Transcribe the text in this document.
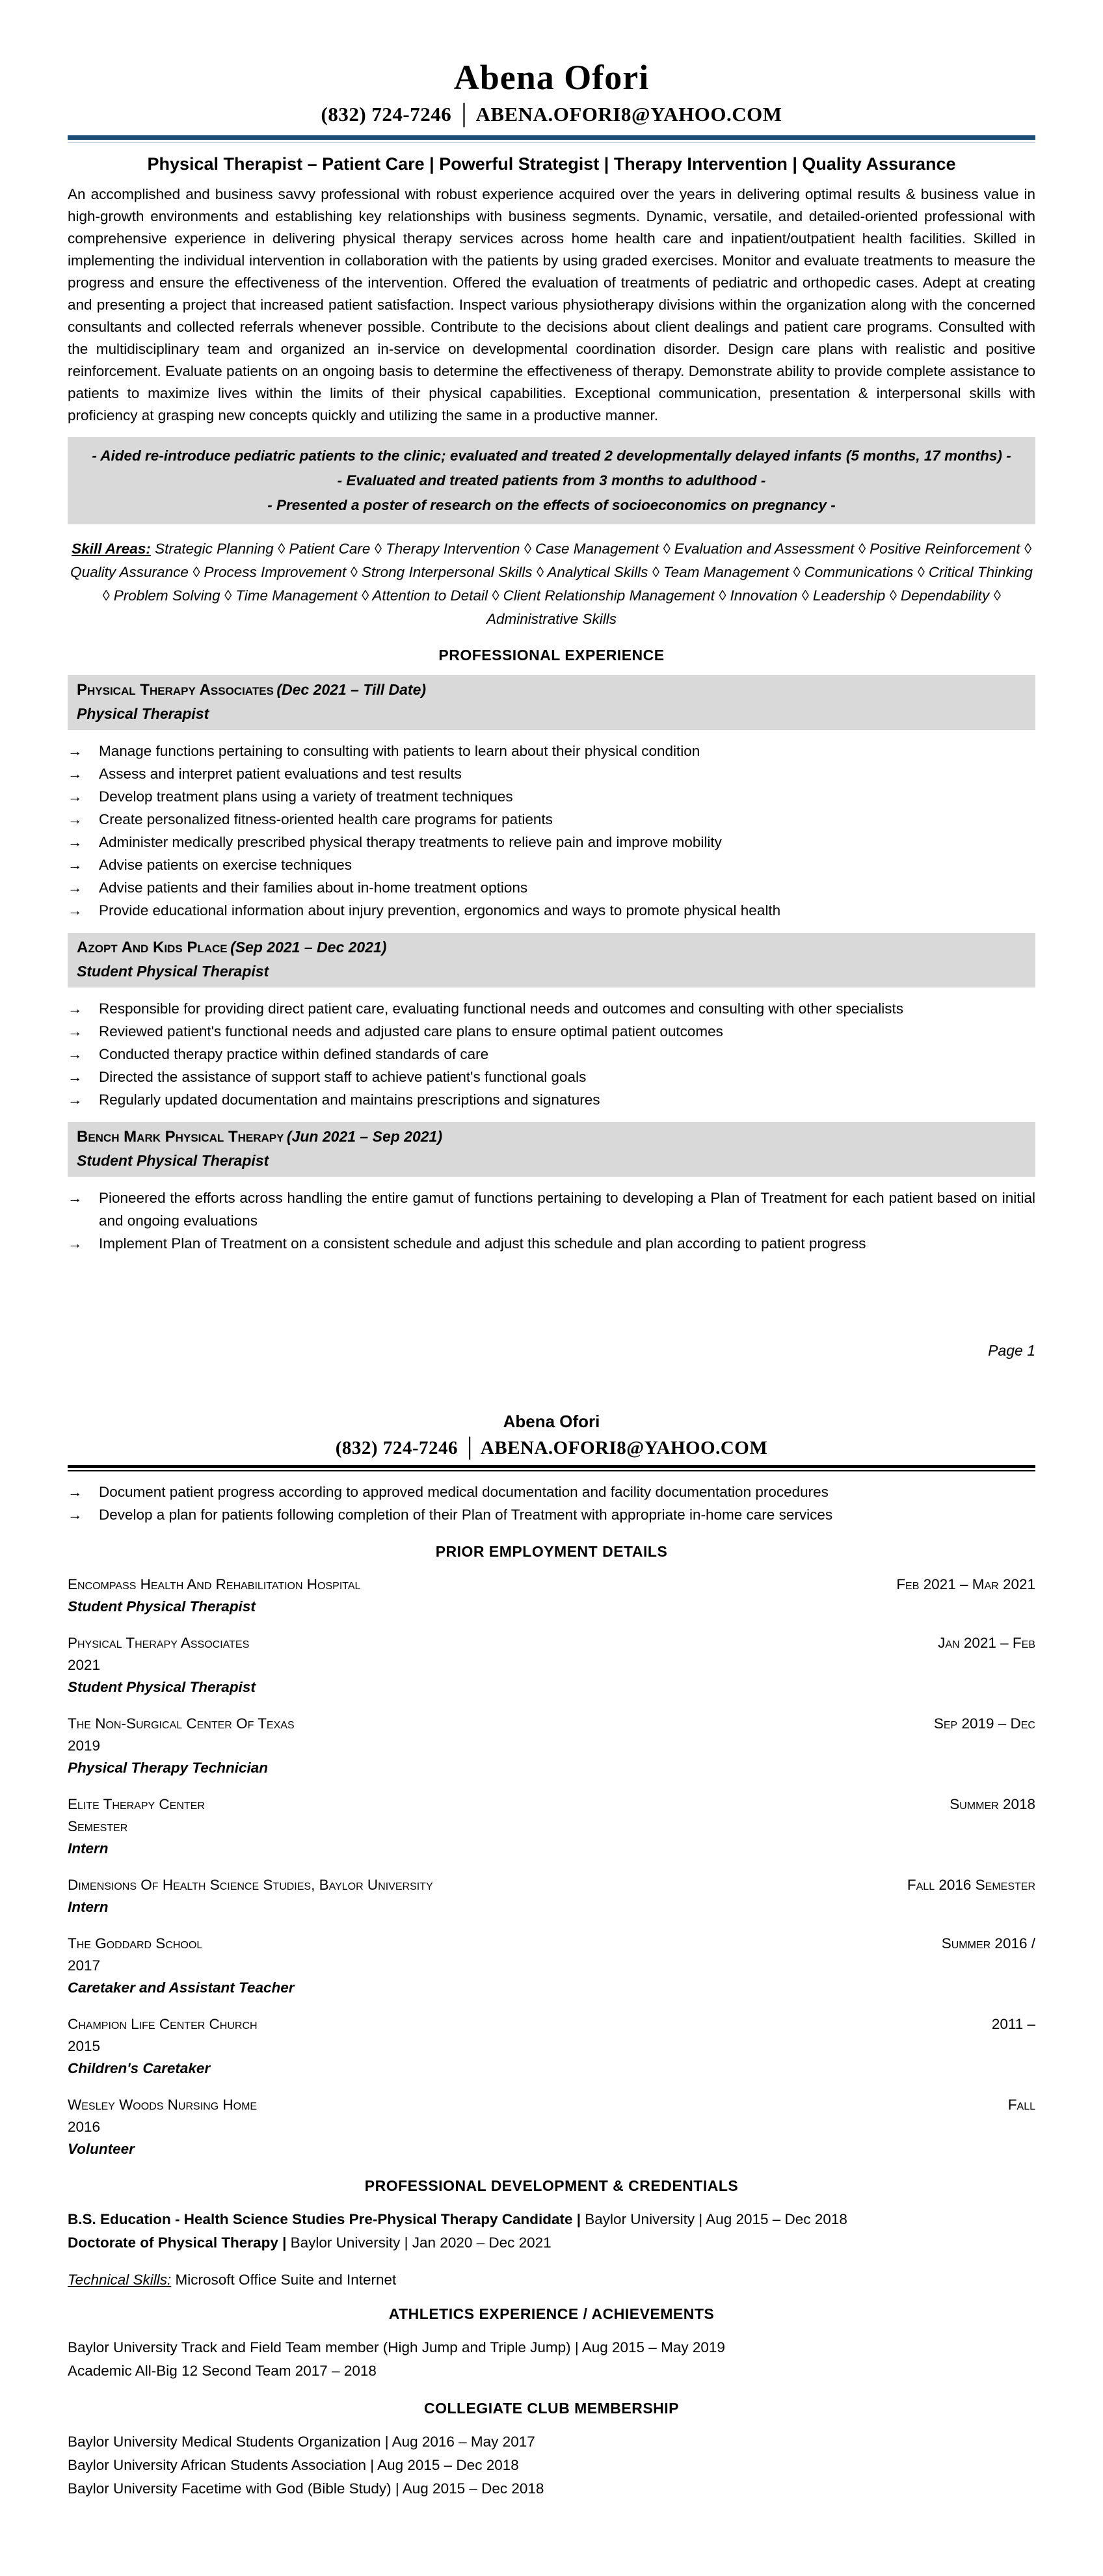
Abena Ofori
(832) 724-7246 │ ABENA.OFORI8@YAHOO.COM
Physical Therapist – Patient Care | Powerful Strategist | Therapy Intervention | Quality Assurance
An accomplished and business savvy professional with robust experience acquired over the years in delivering optimal results & business value in high-growth environments and establishing key relationships with business segments. Dynamic, versatile, and detailed-oriented professional with comprehensive experience in delivering physical therapy services across home health care and inpatient/outpatient health facilities. Skilled in implementing the individual intervention in collaboration with the patients by using graded exercises. Monitor and evaluate treatments to measure the progress and ensure the effectiveness of the intervention. Offered the evaluation of treatments of pediatric and orthopedic cases. Adept at creating and presenting a project that increased patient satisfaction. Inspect various physiotherapy divisions within the organization along with the concerned consultants and collected referrals whenever possible. Contribute to the decisions about client dealings and patient care programs. Consulted with the multidisciplinary team and organized an in-service on developmental coordination disorder. Design care plans with realistic and positive reinforcement. Evaluate patients on an ongoing basis to determine the effectiveness of therapy. Demonstrate ability to provide complete assistance to patients to maximize lives within the limits of their physical capabilities. Exceptional communication, presentation & interpersonal skills with proficiency at grasping new concepts quickly and utilizing the same in a productive manner.
- Aided re-introduce pediatric patients to the clinic; evaluated and treated 2 developmentally delayed infants (5 months, 17 months) -
- Evaluated and treated patients from 3 months to adulthood -
- Presented a poster of research on the effects of socioeconomics on pregnancy -
Skill Areas: Strategic Planning ◊ Patient Care ◊ Therapy Intervention ◊ Case Management ◊ Evaluation and Assessment ◊ Positive Reinforcement ◊ Quality Assurance ◊ Process Improvement ◊ Strong Interpersonal Skills ◊ Analytical Skills ◊ Team Management ◊ Communications ◊ Critical Thinking ◊ Problem Solving ◊ Time Management ◊ Attention to Detail ◊ Client Relationship Management ◊ Innovation ◊ Leadership ◊ Dependability ◊ Administrative Skills
PROFESSIONAL EXPERIENCE
Physical Therapy Associates (Dec 2021 – Till Date)
Physical Therapist
→	Manage functions pertaining to consulting with patients to learn about their physical condition
→	Assess and interpret patient evaluations and test results
→	Develop treatment plans using a variety of treatment techniques
→	Create personalized fitness-oriented health care programs for patients
→	Administer medically prescribed physical therapy treatments to relieve pain and improve mobility
→	Advise patients on exercise techniques
→	Advise patients and their families about in-home treatment options
→	Provide educational information about injury prevention, ergonomics and ways to promote physical health
Azopt And Kids Place (Sep 2021 – Dec 2021)
Student Physical Therapist
→	Responsible for providing direct patient care, evaluating functional needs and outcomes and consulting with other specialists
→	Reviewed patient's functional needs and adjusted care plans to ensure optimal patient outcomes
→	Conducted therapy practice within defined standards of care
→	Directed the assistance of support staff to achieve patient's functional goals
→	Regularly updated documentation and maintains prescriptions and signatures
Bench Mark Physical Therapy (Jun 2021 – Sep 2021)
Student Physical Therapist
→	Pioneered the efforts across handling the entire gamut of functions pertaining to developing a Plan of Treatment for each patient based on initial and ongoing evaluations
→	Implement Plan of Treatment on a consistent schedule and adjust this schedule and plan according to patient progress
Page 1
Abena Ofori
(832) 724-7246 │ ABENA.OFORI8@YAHOO.COM
→	Document patient progress according to approved medical documentation and facility documentation procedures
→	Develop a plan for patients following completion of their Plan of Treatment with appropriate in-home care services
PRIOR EMPLOYMENT DETAILS
Encompass Health And Rehabilitation Hospital	Feb 2021 – Mar 2021
Student Physical Therapist
Physical Therapy Associates	Jan 2021 – Feb
2021
Student Physical Therapist
The Non-Surgical Center Of Texas	Sep 2019 – Dec
2019
Physical Therapy Technician
Elite Therapy Center	Summer 2018
Semester
Intern
Dimensions Of Health Science Studies, Baylor University	Fall 2016 Semester
Intern
The Goddard School	Summer 2016 /
2017
Caretaker and Assistant Teacher
Champion Life Center Church	2011 –
2015
Children's Caretaker
Wesley Woods Nursing Home	Fall
2016
Volunteer
PROFESSIONAL DEVELOPMENT & CREDENTIALS
B.S. Education - Health Science Studies Pre-Physical Therapy Candidate | Baylor University | Aug 2015 – Dec 2018
Doctorate of Physical Therapy | Baylor University | Jan 2020 – Dec 2021
Technical Skills: Microsoft Office Suite and Internet
ATHLETICS EXPERIENCE / ACHIEVEMENTS
Baylor University Track and Field Team member (High Jump and Triple Jump) | Aug 2015 – May 2019
Academic All-Big 12 Second Team 2017 – 2018
COLLEGIATE CLUB MEMBERSHIP
Baylor University Medical Students Organization | Aug 2016 – May 2017
Baylor University African Students Association | Aug 2015 – Dec 2018
Baylor University Facetime with God (Bible Study) | Aug 2015 – Dec 2018
